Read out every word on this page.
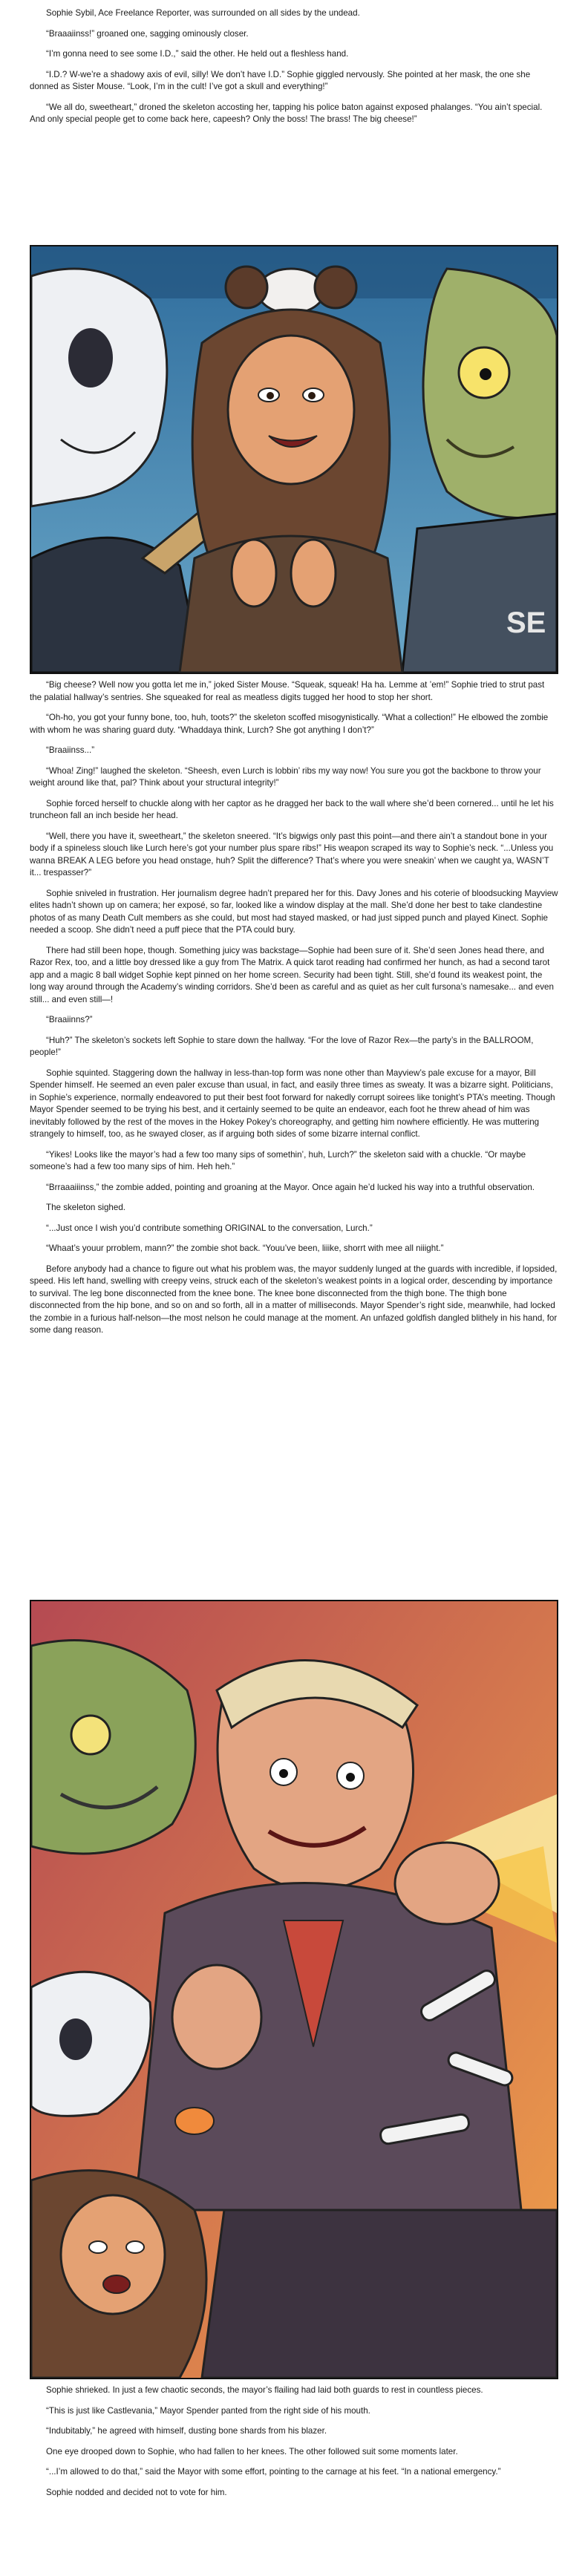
Sophie Sybil, Ace Freelance Reporter, was surrounded on all sides by the undead.

“Braaaiinss!” groaned one, sagging ominously closer.

“I’m gonna need to see some I.D.,” said the other. He held out a fleshless hand.

“I.D.? W-we’re a shadowy axis of evil, silly! We don’t have I.D.” Sophie giggled nervously. She pointed at her mask, the one she donned as Sister Mouse. “Look, I’m in the cult! I’ve got a skull and everything!”

“We all do, sweetheart,” droned the skeleton accosting her, tapping his police baton against exposed phalanges. “You ain’t special. And only special people get to come back here, capeesh? Only the boss! The brass! The big cheese!”

SE

“Big cheese? Well now you gotta let me in,” joked Sister Mouse. “Squeak, squeak! Ha ha. Lemme at ’em!” Sophie tried to strut past the palatial hallway’s sentries. She squeaked for real as meatless digits tugged her hood to stop her short.

“Oh-ho, you got your funny bone, too, huh, toots?” the skeleton scoffed misogynistically. “What a collection!” He elbowed the zombie with whom he was sharing guard duty. “Whaddaya think, Lurch? She got anything I don’t?”

“Braaiinss...”

“Whoa! Zing!” laughed the skeleton. “Sheesh, even Lurch is lobbin’ ribs my way now! You sure you got the backbone to throw your weight around like that, pal? Think about your structural integrity!”

Sophie forced herself to chuckle along with her captor as he dragged her back to the wall where she’d been cornered... until he let his truncheon fall an inch beside her head.

“Well, there you have it, sweetheart,” the skeleton sneered. “It’s bigwigs only past this point—and there ain’t a standout bone in your body if a spineless slouch like Lurch here’s got your number plus spare ribs!” His weapon scraped its way to Sophie’s neck. “...Unless you wanna BREAK A LEG before you head onstage, huh? Split the difference? That’s where you were sneakin’ when we caught ya, WASN’T it... trespasser?”

Sophie sniveled in frustration. Her journalism degree hadn’t prepared her for this. Davy Jones and his coterie of bloodsucking Mayview elites hadn’t shown up on camera; her exposé, so far, looked like a window display at the mall. She’d done her best to take clandestine photos of as many Death Cult members as she could, but most had stayed masked, or had just sipped punch and played Kinect. Sophie needed a scoop. She didn’t need a puff piece that the PTA could bury.

There had still been hope, though. Something juicy was backstage—Sophie had been sure of it. She’d seen Jones head there, and Razor Rex, too, and a little boy dressed like a guy from The Matrix. A quick tarot reading had confirmed her hunch, as had a second tarot app and a magic 8 ball widget Sophie kept pinned on her home screen. Security had been tight. Still, she’d found its weakest point, the long way around through the Academy’s winding corridors. She’d been as careful and as quiet as her cult fursona’s namesake... and even still... and even still—!

“Braaiinns?”

“Huh?” The skeleton’s sockets left Sophie to stare down the hallway. “For the love of Razor Rex—the party’s in the BALLROOM, people!”

Sophie squinted. Staggering down the hallway in less-than-top form was none other than Mayview’s pale excuse for a mayor, Bill Spender himself. He seemed an even paler excuse than usual, in fact, and easily three times as sweaty. It was a bizarre sight. Politicians, in Sophie’s experience, normally endeavored to put their best foot forward for nakedly corrupt soirees like tonight’s PTA’s meeting. Though Mayor Spender seemed to be trying his best, and it certainly seemed to be quite an endeavor, each foot he threw ahead of him was inevitably followed by the rest of the moves in the Hokey Pokey’s choreography, and getting him nowhere efficiently. He was muttering strangely to himself, too, as he swayed closer, as if arguing both sides of some bizarre internal conflict.

“Yikes! Looks like the mayor’s had a few too many sips of somethin’, huh, Lurch?” the skeleton said with a chuckle. “Or maybe someone’s had a few too many sips of him. Heh heh.”

“Brraaaiiinss,” the zombie added, pointing and groaning at the Mayor. Once again he’d lucked his way into a truthful observation.

The skeleton sighed.

“...Just once I wish you’d contribute something ORIGINAL to the conversation, Lurch.”

“Whaat’s youur prroblem, mann?” the zombie shot back. “Youu’ve been, liiike, shorrt with mee all niiight.”

Before anybody had a chance to figure out what his problem was, the mayor suddenly lunged at the guards with incredible, if lopsided, speed. His left hand, swelling with creepy veins, struck each of the skeleton’s weakest points in a logical order, descending by importance to survival. The leg bone disconnected from the knee bone. The knee bone disconnected from the thigh bone. The thigh bone disconnected from the hip bone, and so on and so forth, all in a matter of milliseconds. Mayor Spender’s right side, meanwhile, had locked the zombie in a furious half-nelson—the most nelson he could manage at the moment. An unfazed goldfish dangled blithely in his hand, for some dang reason.

Sophie shrieked. In just a few chaotic seconds, the mayor’s flailing had laid both guards to rest in countless pieces.

“This is just like Castlevania,” Mayor Spender panted from the right side of his mouth.

“Indubitably,” he agreed with himself, dusting bone shards from his blazer.

One eye drooped down to Sophie, who had fallen to her knees. The other followed suit some moments later.

“...I’m allowed to do that,” said the Mayor with some effort, pointing to the carnage at his feet. “In a national emergency.”

Sophie nodded and decided not to vote for him.
